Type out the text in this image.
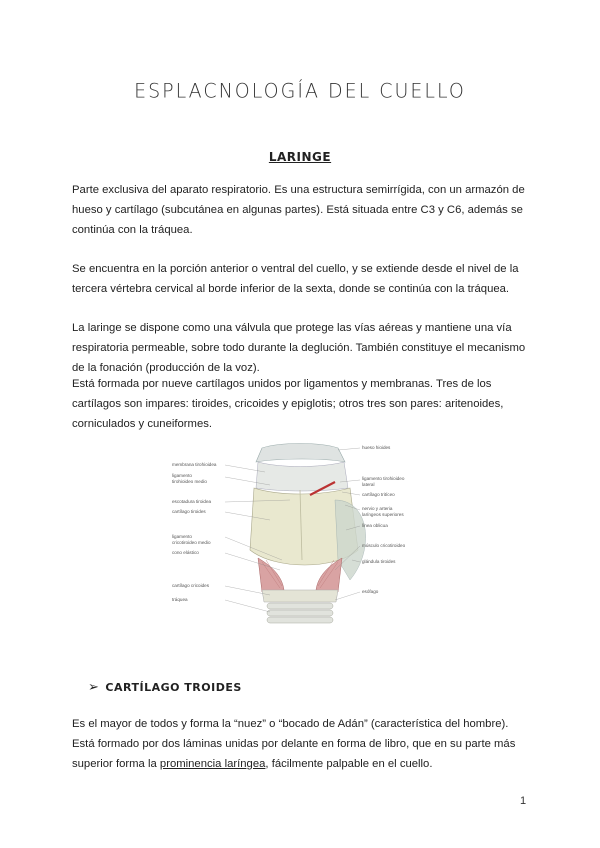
ESPLACNOLOGÍA DEL CUELLO
LARINGE
Parte exclusiva del aparato respiratorio. Es una estructura semirrígida, con un armazón de hueso y cartílago (subcutánea en algunas partes). Está situada entre C3 y C6, además se continúa con la tráquea.
Se encuentra en la porción anterior o ventral del cuello, y se extiende desde el nivel de la tercera vértebra cervical al borde inferior de la sexta, donde se continúa con la tráquea.
La laringe se dispone como una válvula que protege las vías aéreas y mantiene una vía respiratoria permeable, sobre todo durante la deglución. También constituye el mecanismo de la fonación (producción de la voz).
Está formada por nueve cartílagos unidos por ligamentos y membranas. Tres de los cartílagos son impares: tiroides, cricoides y epiglotis; otros tres son pares: aritenoides, corniculados y cuneiformes.
membrana tirohioidea
ligamento
tirohioideo medio
escotadura tiroidea
cartílago tiroides
ligamento
cricotiroideo medio
cono elástico
cartílago cricoides
tráquea
hueso hioides
ligamento tirohioideo
lateral
cartílago tritíceo
nervio y arteria
laríngeos superiores
línea oblicua
músculo cricotiroideo
glándula tiroides
esófago
➢ CARTÍLAGO TROIDES
Es el mayor de todos y forma la “nuez” o “bocado de Adán” (característica del hombre). Está formado por dos láminas unidas por delante en forma de libro, que en su parte más superior forma la prominencia laríngea, fácilmente palpable en el cuello.
1
